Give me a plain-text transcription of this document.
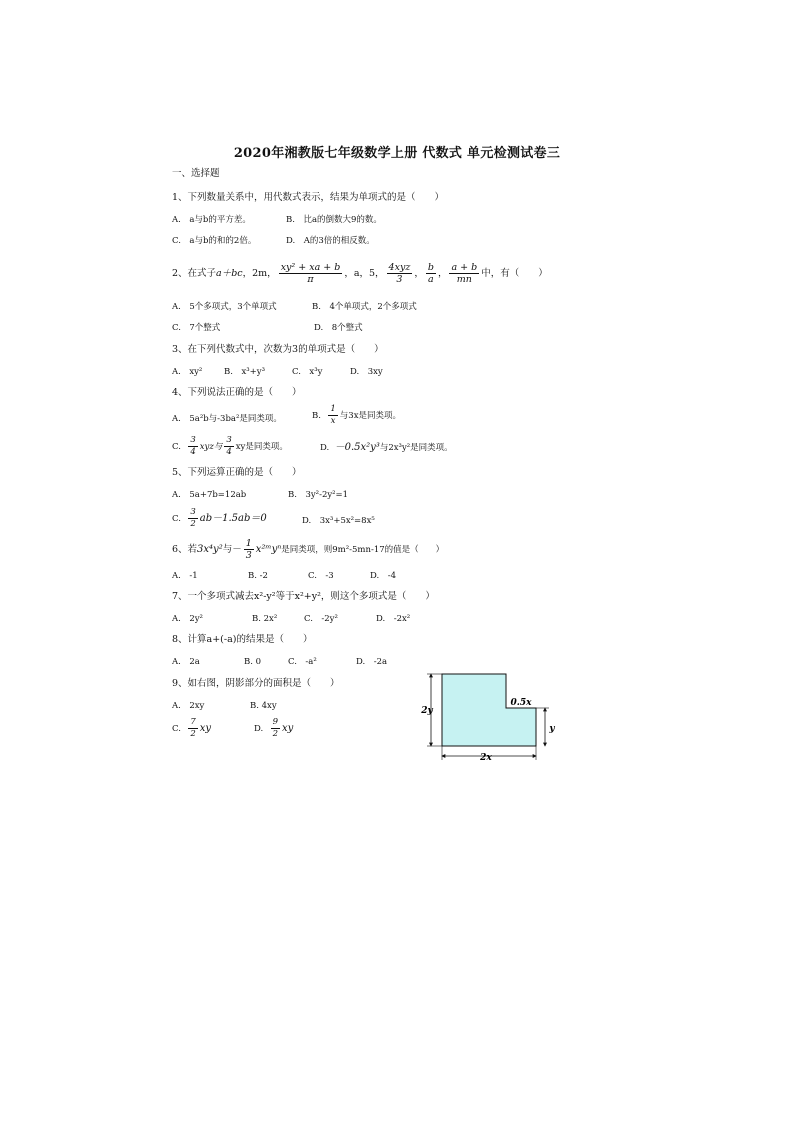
2020年湘教版七年级数学上册 代数式 单元检测试卷三
一、选择题
1、下列数量关系中，用代数式表示，结果为单项式的是（　　）
A.　a与b的平方差。	B.　比a的倒数大9的数。
C.　a与b的和的2倍。	D.　A的3倍的相反数。
2、在式子a＋bc，2m， $\frac{\text{xy² + xa + b}}{\pi}$ ，a，5， $\frac{\text{4xyz}}{3}$ ， $\frac{b}{a}$ ， $\frac{a + b}{mn}$ 中，有（　　）
A.　5个多项式，3个单项式	B.　4个单项式，2个多项式
C.　7个整式	D.　8个整式
3、在下列代数式中，次数为3的单项式是（　　）
A.　xy²	B.　x³+y³	C.　x³y	D.　3xy
4、下列说法正确的是（　　）
A.　5a²b与-3ba²是同类项。	B. $\frac{1}{x}$ 与3x是同类项。
C. $\frac{3}{4}$ xyz与 $\frac{3}{4}$ xy是同类项。	D. －0.5x²y³与2x³y²是同类项。
5、下列运算正确的是（　　）
A.　5a+7b=12ab	B.　3y²-2y²=1
C. $\frac{3}{2} ab-1.5ab=0$	D.　3x³+5x²=8x⁵
6、若3x⁴y²与－ $\frac{1}{3}$ x²ᵐyⁿ是同类项，则9m²-5mn-17的值是（　　）
A.　-1	B. -2	C.　-3	D.　-4
7、一个多项式减去x²-y²等于x²+y²，则这个多项式是（　　）
A.　2y²	B. 2x²	C.　-2y²	D.　-2x²
8、计算a+(-a)的结果是（　　）
A.　2a	B. 0	C.　-a²	D.　-2a
9、如右图，阴影部分的面积是（　　）
A.　2xy	B. 4xy
C. $\frac{7}{2}$ xy	D. $\frac{9}{2}$ xy
2y
0.5x
y
2x
